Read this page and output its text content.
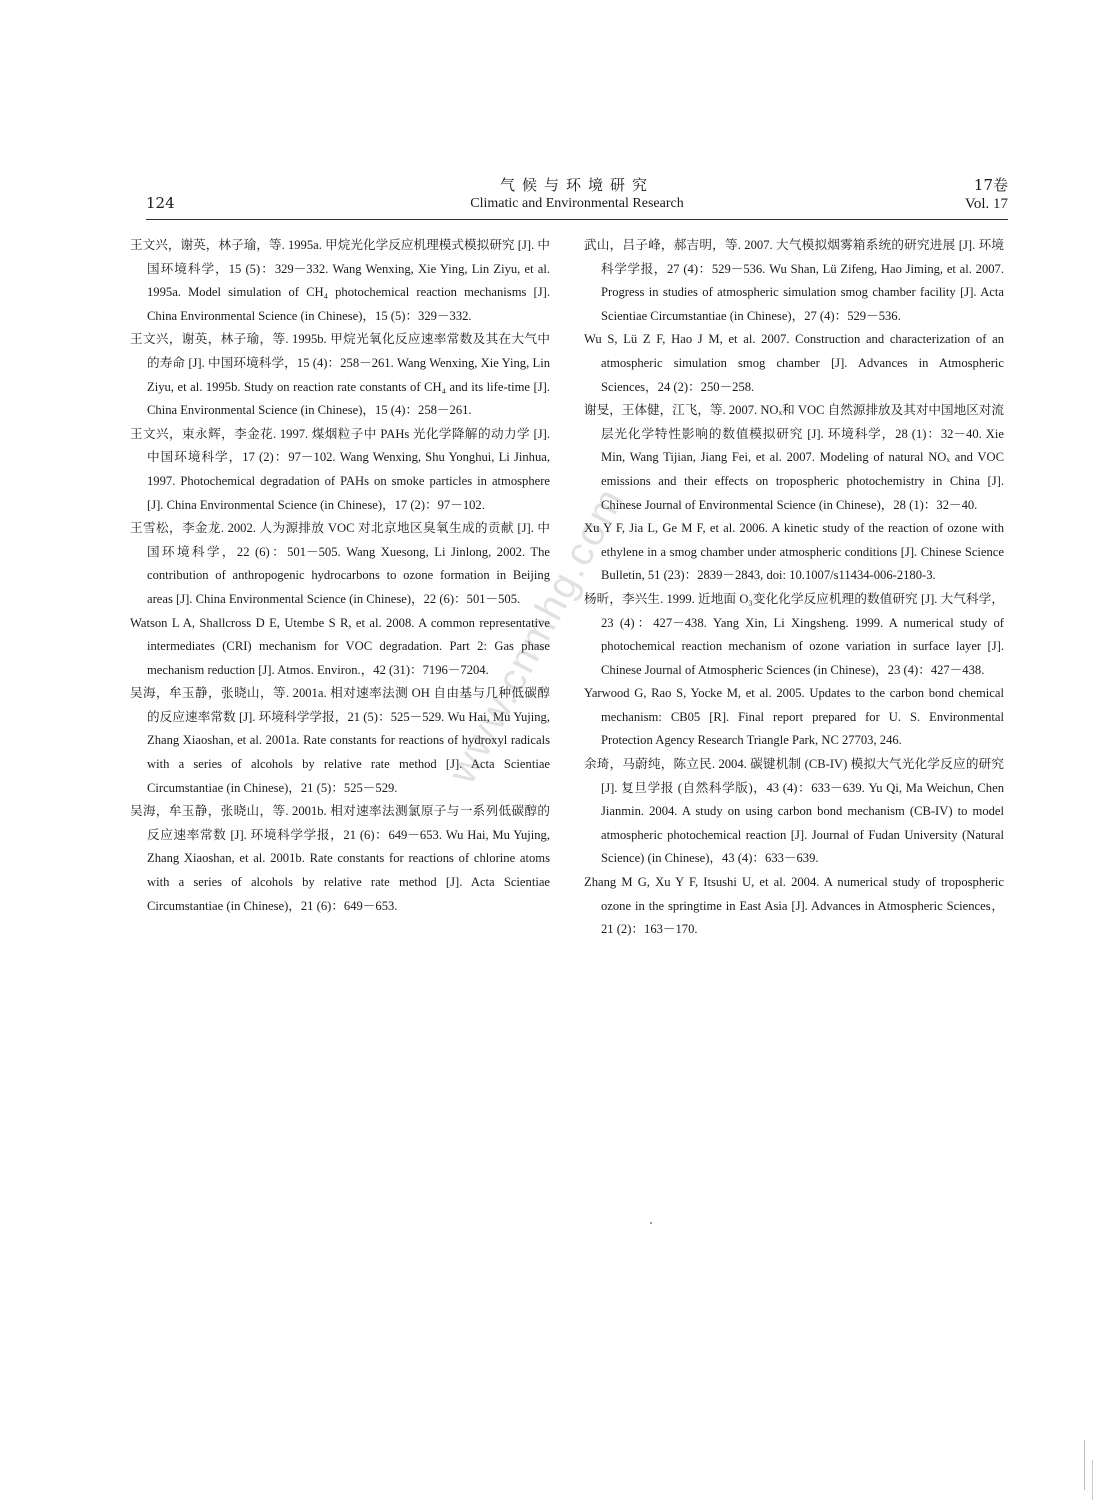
124
气候与环境研究
Climatic and Environmental Research
17卷
Vol. 17

王文兴，谢英，林子瑜，等. 1995a. 甲烷光化学反应机理模式模拟研究 [J]. 中国环境科学，15 (5)：329－332. Wang Wenxing, Xie Ying, Lin Ziyu, et al. 1995a. Model simulation of CH₄ photochemical reaction mechanisms [J]. China Environmental Science (in Chinese)，15 (5)：329－332.

王文兴，谢英，林子瑜，等. 1995b. 甲烷光氧化反应速率常数及其在大气中的寿命 [J]. 中国环境科学，15 (4)：258－261. Wang Wenxing, Xie Ying, Lin Ziyu, et al. 1995b. Study on reaction rate constants of CH₄ and its life-time [J]. China Environmental Science (in Chinese)，15 (4)：258－261.

王文兴，束永辉，李金花. 1997. 煤烟粒子中 PAHs 光化学降解的动力学 [J]. 中国环境科学，17 (2)：97－102. Wang Wenxing, Shu Yonghui, Li Jinhua, 1997. Photochemical degradation of PAHs on smoke particles in atmosphere [J]. China Environmental Science (in Chinese)，17 (2)：97－102.

王雪松，李金龙. 2002. 人为源排放 VOC 对北京地区臭氧生成的贡献 [J]. 中国环境科学，22 (6)：501－505. Wang Xuesong, Li Jinlong, 2002. The contribution of anthropogenic hydrocarbons to ozone formation in Beijing areas [J]. China Environmental Science (in Chinese)，22 (6)：501－505.

Watson L A, Shallcross D E, Utembe S R, et al. 2008. A common representative intermediates (CRI) mechanism for VOC degradation. Part 2: Gas phase mechanism reduction [J]. Atmos. Environ.，42 (31)：7196－7204.

吴海，牟玉静，张晓山，等. 2001a. 相对速率法测 OH 自由基与几种低碳醇的反应速率常数 [J]. 环境科学学报，21 (5)：525－529. Wu Hai, Mu Yujing, Zhang Xiaoshan, et al. 2001a. Rate constants for reactions of hydroxyl radicals with a series of alcohols by relative rate method [J]. Acta Scientiae Circumstantiae (in Chinese)，21 (5)：525－529.

吴海，牟玉静，张晓山，等. 2001b. 相对速率法测氯原子与一系列低碳醇的反应速率常数 [J]. 环境科学学报，21 (6)：649－653. Wu Hai, Mu Yujing, Zhang Xiaoshan, et al. 2001b. Rate constants for reactions of chlorine atoms with a series of alcohols by relative rate method [J]. Acta Scientiae Circumstantiae (in Chinese)，21 (6)：649－653.

武山，吕子峰，郝吉明，等. 2007. 大气模拟烟雾箱系统的研究进展 [J]. 环境科学学报，27 (4)：529－536. Wu Shan, Lü Zifeng, Hao Jiming, et al. 2007. Progress in studies of atmospheric simulation smog chamber facility [J]. Acta Scientiae Circumstantiae (in Chinese)，27 (4)：529－536.

Wu S, Lü Z F, Hao J M, et al. 2007. Construction and characterization of an atmospheric simulation smog chamber [J]. Advances in Atmospheric Sciences，24 (2)：250－258.

谢旻，王体健，江飞，等. 2007. NOₓ和 VOC 自然源排放及其对中国地区对流层光化学特性影响的数值模拟研究 [J]. 环境科学，28 (1)：32－40. Xie Min, Wang Tijian, Jiang Fei, et al. 2007. Modeling of natural NOₓ and VOC emissions and their effects on tropospheric photochemistry in China [J]. Chinese Journal of Environmental Science (in Chinese)，28 (1)：32－40.

Xu Y F, Jia L, Ge M F, et al. 2006. A kinetic study of the reaction of ozone with ethylene in a smog chamber under atmospheric conditions [J]. Chinese Science Bulletin, 51 (23)：2839－2843, doi: 10.1007/s11434-006-2180-3.

杨昕，李兴生. 1999. 近地面 O₃变化化学反应机理的数值研究 [J]. 大气科学，23 (4)：427－438. Yang Xin, Li Xingsheng. 1999. A numerical study of photochemical reaction mechanism of ozone variation in surface layer [J]. Chinese Journal of Atmospheric Sciences (in Chinese)，23 (4)：427－438.

Yarwood G, Rao S, Yocke M, et al. 2005. Updates to the carbon bond chemical mechanism: CB05 [R]. Final report prepared for U. S. Environmental Protection Agency Research Triangle Park, NC 27703, 246.

余琦，马蔚纯，陈立民. 2004. 碳键机制 (CB-IV) 模拟大气光化学反应的研究 [J]. 复旦学报 (自然科学版)，43 (4)：633－639. Yu Qi, Ma Weichun, Chen Jianmin. 2004. A study on using carbon bond mechanism (CB-IV) to model atmospheric photochemical reaction [J]. Journal of Fudan University (Natural Science) (in Chinese)，43 (4)：633－639.

Zhang M G, Xu Y F, Itsushi U, et al. 2004. A numerical study of tropospheric ozone in the springtime in East Asia [J]. Advances in Atmospheric Sciences，21 (2)：163－170.

www.cnmhg.com
